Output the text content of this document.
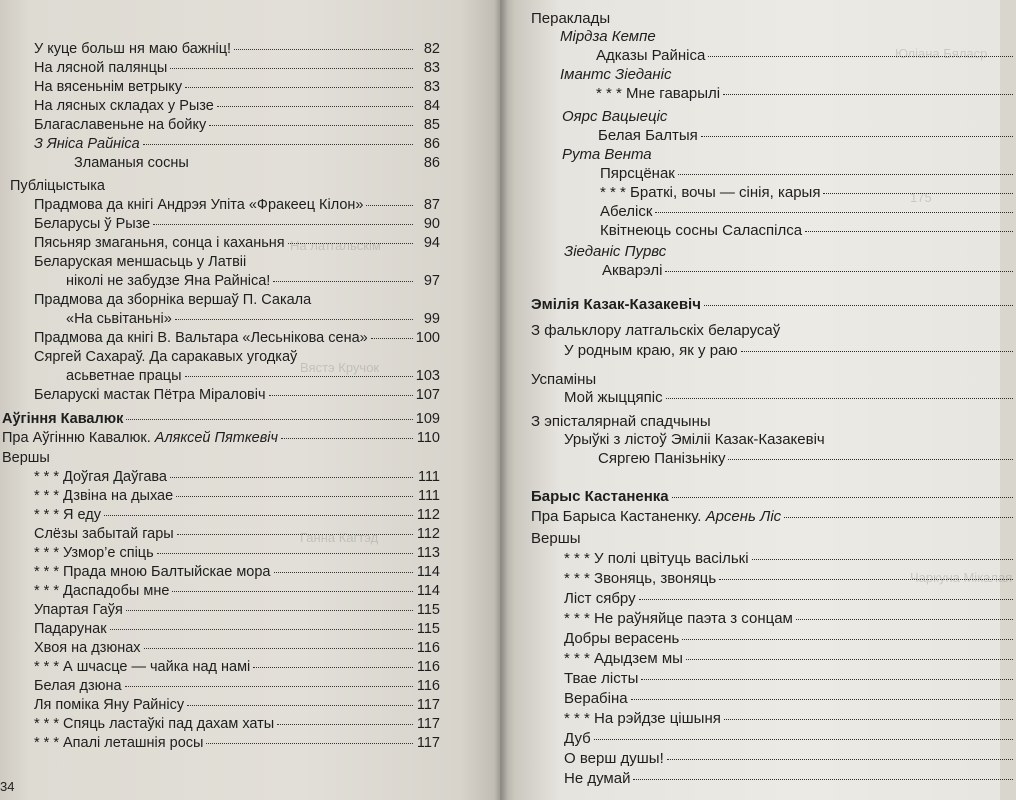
На латгальскім
Вястэ Кручок
Ганна Кагтэд
У куце больш ня маю бажніц!	82
На лясной палянцы	83
На вясеньнім ветрыку	83
На лясных складах у Рызе	84
Благаславеньне на бойку	85
З Яніса Райніса	86
Зламаныя сосны	86
Публіцыстыка
Прадмова да кнігі Андрэя Упіта «Фракеец Кілон»	87
Беларусы ў Рызе	90
Пясьняр змаганьня, сонца і каханьня	94
Беларуская меншасьць у Латвіі
ніколі не забудзе Яна Райніса!	97
Прадмова да зборніка вершаў П. Сакала
«На сьвітаньні»	99
Прадмова да кнігі В. Вальтара «Лесьнікова сена»	100
Сяргей Сахараў. Да саракавых угодкаў
асьветнае працы	103
Беларускі мастак Пётра Міраловіч	107
Аўгіння Кавалюк	109
Пра Аўгінню Кавалюк.
Аляксей Пяткевіч	110
Вершы
* * * Доўгая Даўгава	111
* * * Дзвіна на дыхае	111
* * * Я еду	112
Слёзы забытай гары	112
* * * Узмор’е спіць	113
* * * Прада мною Балтыйскае мора	114
* * * Даспадобы мне	114
Упартая Гаўя	115
Падарунак	115
Хвоя на дзюнах	116
* * * А шчасце — чайка над намі	116
Белая дзюна	116
Ля поміка Яну Райнісу	117
* * * Спяць ластаўкі пад дахам хаты	117
* * * Апалі леташнія росы	117
34
Юліана Бяласр
175
Чаркуна Мікалая
Пераклады
Мірдза Кемпе
Адказы Райніса
Імантс Зіеданіс
* * * Мне гаварылі
Оярс Вацыецiс
Белая Балтыя
Рута Вента
Пярсцёнак
* * * Браткі, вочы — сінія, карыя
Абеліск
Квітнеюць сосны Саласпілса
Зіеданіс Пурвс
Акварэлі
Эмілія Казак-Казакевіч
З фальклору латгальскіх беларусаў
У родным краю, як у раю
Успаміны
Мой жыццяпіс
З эпісталярнай спадчыны
Урыўкі з лістоў Эміліі Казак-Казакевіч
Сяргею Панізьніку
Барыс Кастаненка
Пра Барыса Кастаненку.
Арсень Ліс
Вершы
* * * У полі цвітуць васількі
* * * Звоняць, звоняць
Ліст сябру
* * * Не раўняйце паэта з сонцам
Добры верасень
* * * Адыдзем мы
Твае лісты
Верабіна
* * * На рэйдзе цішыня
Дуб
О верш душы!
Не думай
